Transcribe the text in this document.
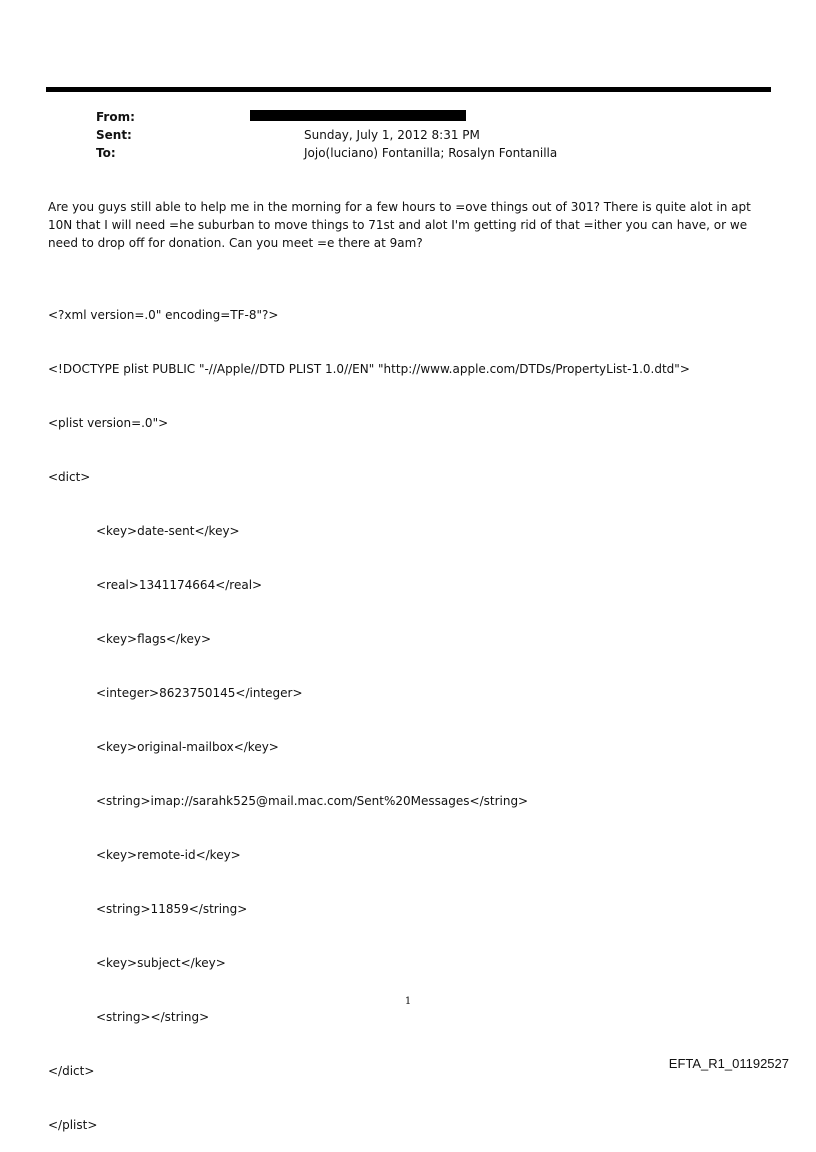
From:
Sent:	Sunday, July 1, 2012 8:31 PM
To:	Jojo(luciano) Fontanilla; Rosalyn Fontanilla
Are you guys still able to help me in the morning for a few hours to =ove things out of 301? There is quite alot in apt 10N that I will need =he suburban to move things to 71st and alot I'm getting rid of that =ither you can have, or we need to drop off for donation. Can you meet =e there at 9am?

<?xml version=.0" encoding=TF-8"?>

<!DOCTYPE plist PUBLIC "-//Apple//DTD PLIST 1.0//EN" "http://www.apple.com/DTDs/PropertyList-1.0.dtd">

<plist version=.0">

<dict>

<key>date-sent</key>

<real>1341174664</real>

<key>flags</key>

<integer>8623750145</integer>

<key>original-mailbox</key>

<string>imap://sarahk525@mail.mac.com/Sent%20Messages</string>

<key>remote-id</key>

<string>11859</string>

<key>subject</key>

<string></string>

</dict>

</plist>

1
EFTA_R1_01192527
